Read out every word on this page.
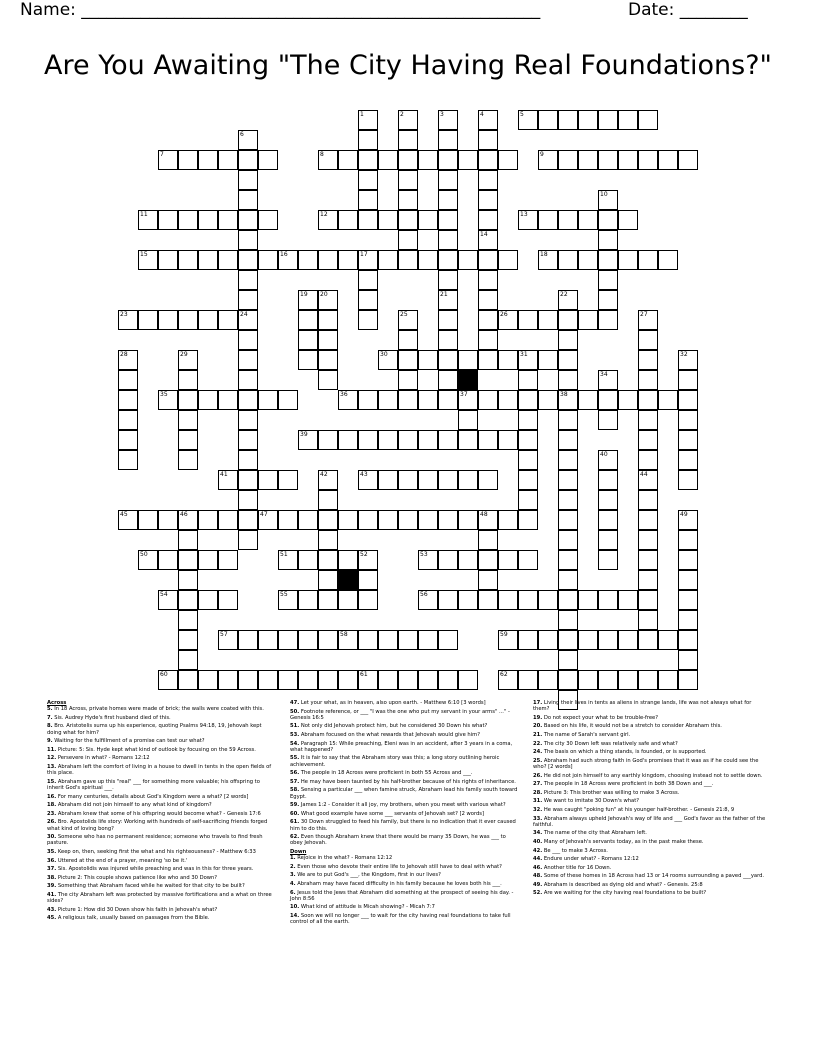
Name: ______________________________________________________	Date: ________
Are You Awaiting "The City Having Real Foundations?"
5
7	8	9
11	12	13
15	16	17	18
23	24	26
30	31
35	36	37	38
39
41	43
45	46	47	48
50	51	52	53
54	55	56
57	58	59
60	61	62
1	2	3
21
4
14
6
10
19 20	22
25	27
28	29	32
34
40
42	44
49
Across

5. In 18 Across, private homes were made of brick; the walls were coated with this.

7. Sis. Audrey Hyde's first husband died of this.

8. Bro. Aristotelis sums up his experience, quoting Psalms 94:18, 19, Jehovah kept doing what for him?

9. Waiting for the fulfillment of a promise can test our what?

11. Picture: 5: Sis. Hyde kept what kind of outlook by focusing on the 59 Across.

12. Persevere in what? - Romans 12:12

13. Abraham left the comfort of living in a house to dwell in tents in the open fields of this place.

15. Abraham gave up this "real" ___ for something more valuable; his offspring to inherit God's spiritual ___.

16. For many centuries, details about God's Kingdom were a what? [2 words]

18. Abraham did not join himself to any what kind of kingdom?

23. Abraham knew that some of his offspring would become what? - Genesis 17:6

26. Bro. Apostolids life story: Working with hundreds of self-sacrificing friends forged what kind of loving bong?

30. Someone who has no permanent residence; someone who travels to find fresh pasture.

35. Keep on, then, seeking first the what and his righteousness? - Matthew 6:33

36. Uttered at the end of a prayer, meaning 'so be it.'

37. Sis. Apostolidis was injured while preaching and was in this for three years.

38. Picture 2: This couple shows patience like who and 30 Down?

39. Something that Abraham faced while he waited for that city to be built?

41. The city Abraham left was protected by massive fortifications and a what on three sides?

43. Picture 1: How did 30 Down show his faith in Jehovah's what?

45. A religious talk, usually based on passages from the Bible.

47. Let your what, as in heaven, also upon earth. - Matthew 6:10 [3 words]

50. Footnote reference, or ___ "I was the one who put my servant in your arms" ..." - Genesis 16:5

51. Not only did Jehovah protect him, but he considered 30 Down his what?

53. Abraham focused on the what rewards that Jehovah would give him?

54. Paragraph 15: While preaching, Eleni was in an accident, after 3 years in a coma, what happened?

55. It is fair to say that the Abraham story was this; a long story outlining heroic achievement.

56. The people in 18 Across were proficient in both 55 Across and ___.

57. He may have been taunted by his half-brother because of his rights of inheritance.

58. Sensing a particular ___ when famine struck, Abraham lead his family south toward Egypt.

59. James 1:2 - Consider it all joy, my brothers, when you meet with various what?

60. What good example have some ___ servants of Jehovah set? [2 words]

61. 30 Down struggled to feed his family, but there is no indication that it ever caused him to do this.

62. Even though Abraham knew that there would be many 35 Down, he was ___ to obey Jehovah.

Down

1. Rejoice in the what? - Romans 12:12

2. Even those who devote their entire life to Jehovah still have to deal with what?

3. We are to put God's ___, the Kingdom, first in our lives?

4. Abraham may have faced difficulty in his family because he loves both his ___.

6. Jesus told the Jews that Abraham did something at the prospect of seeing his day. - John 8:56

10. What kind of attitude is Micah showing? - Micah 7:7

14. Soon we will no longer ___ to wait for the city having real foundations to take full control of all the earth.

17. Living their lives in tents as aliens in strange lands, life was not always what for them?

19. Do not expect your what to be trouble-free?

20. Based on his life, it would not be a stretch to consider Abraham this.

21. The name of Sarah's servant girl.

22. The city 30 Down left was relatively safe and what?

24. The basis on which a thing stands, is founded, or is supported.

25. Abraham had such strong faith in God's promises that it was as if he could see the who? [2 words]

26. He did not join himself to any earthly kingdom, choosing instead not to settle down.

27. The people in 18 Across were proficient in both 38 Down and ___.

28. Picture 3: This brother was willing to make 3 Across.

31. We want to imitate 30 Down's what?

32. He was caught "poking fun" at his younger half-brother. - Genesis 21:8, 9

33. Abraham always upheld Jehovah's way of life and ___ God's favor as the father of the faithful.

34. The name of the city that Abraham left.

40. Many of Jehovah's servants today, as in the past make these.

42. Be ___ to make 3 Across.

44. Endure under what? - Romans 12:12

46. Another title for 16 Down.

48. Some of these homes in 18 Across had 13 or 14 rooms surrounding a paved ___yard.

49. Abraham is described as dying old and what? - Genesis. 25:8

52. Are we waiting for the city having real foundations to be built?
